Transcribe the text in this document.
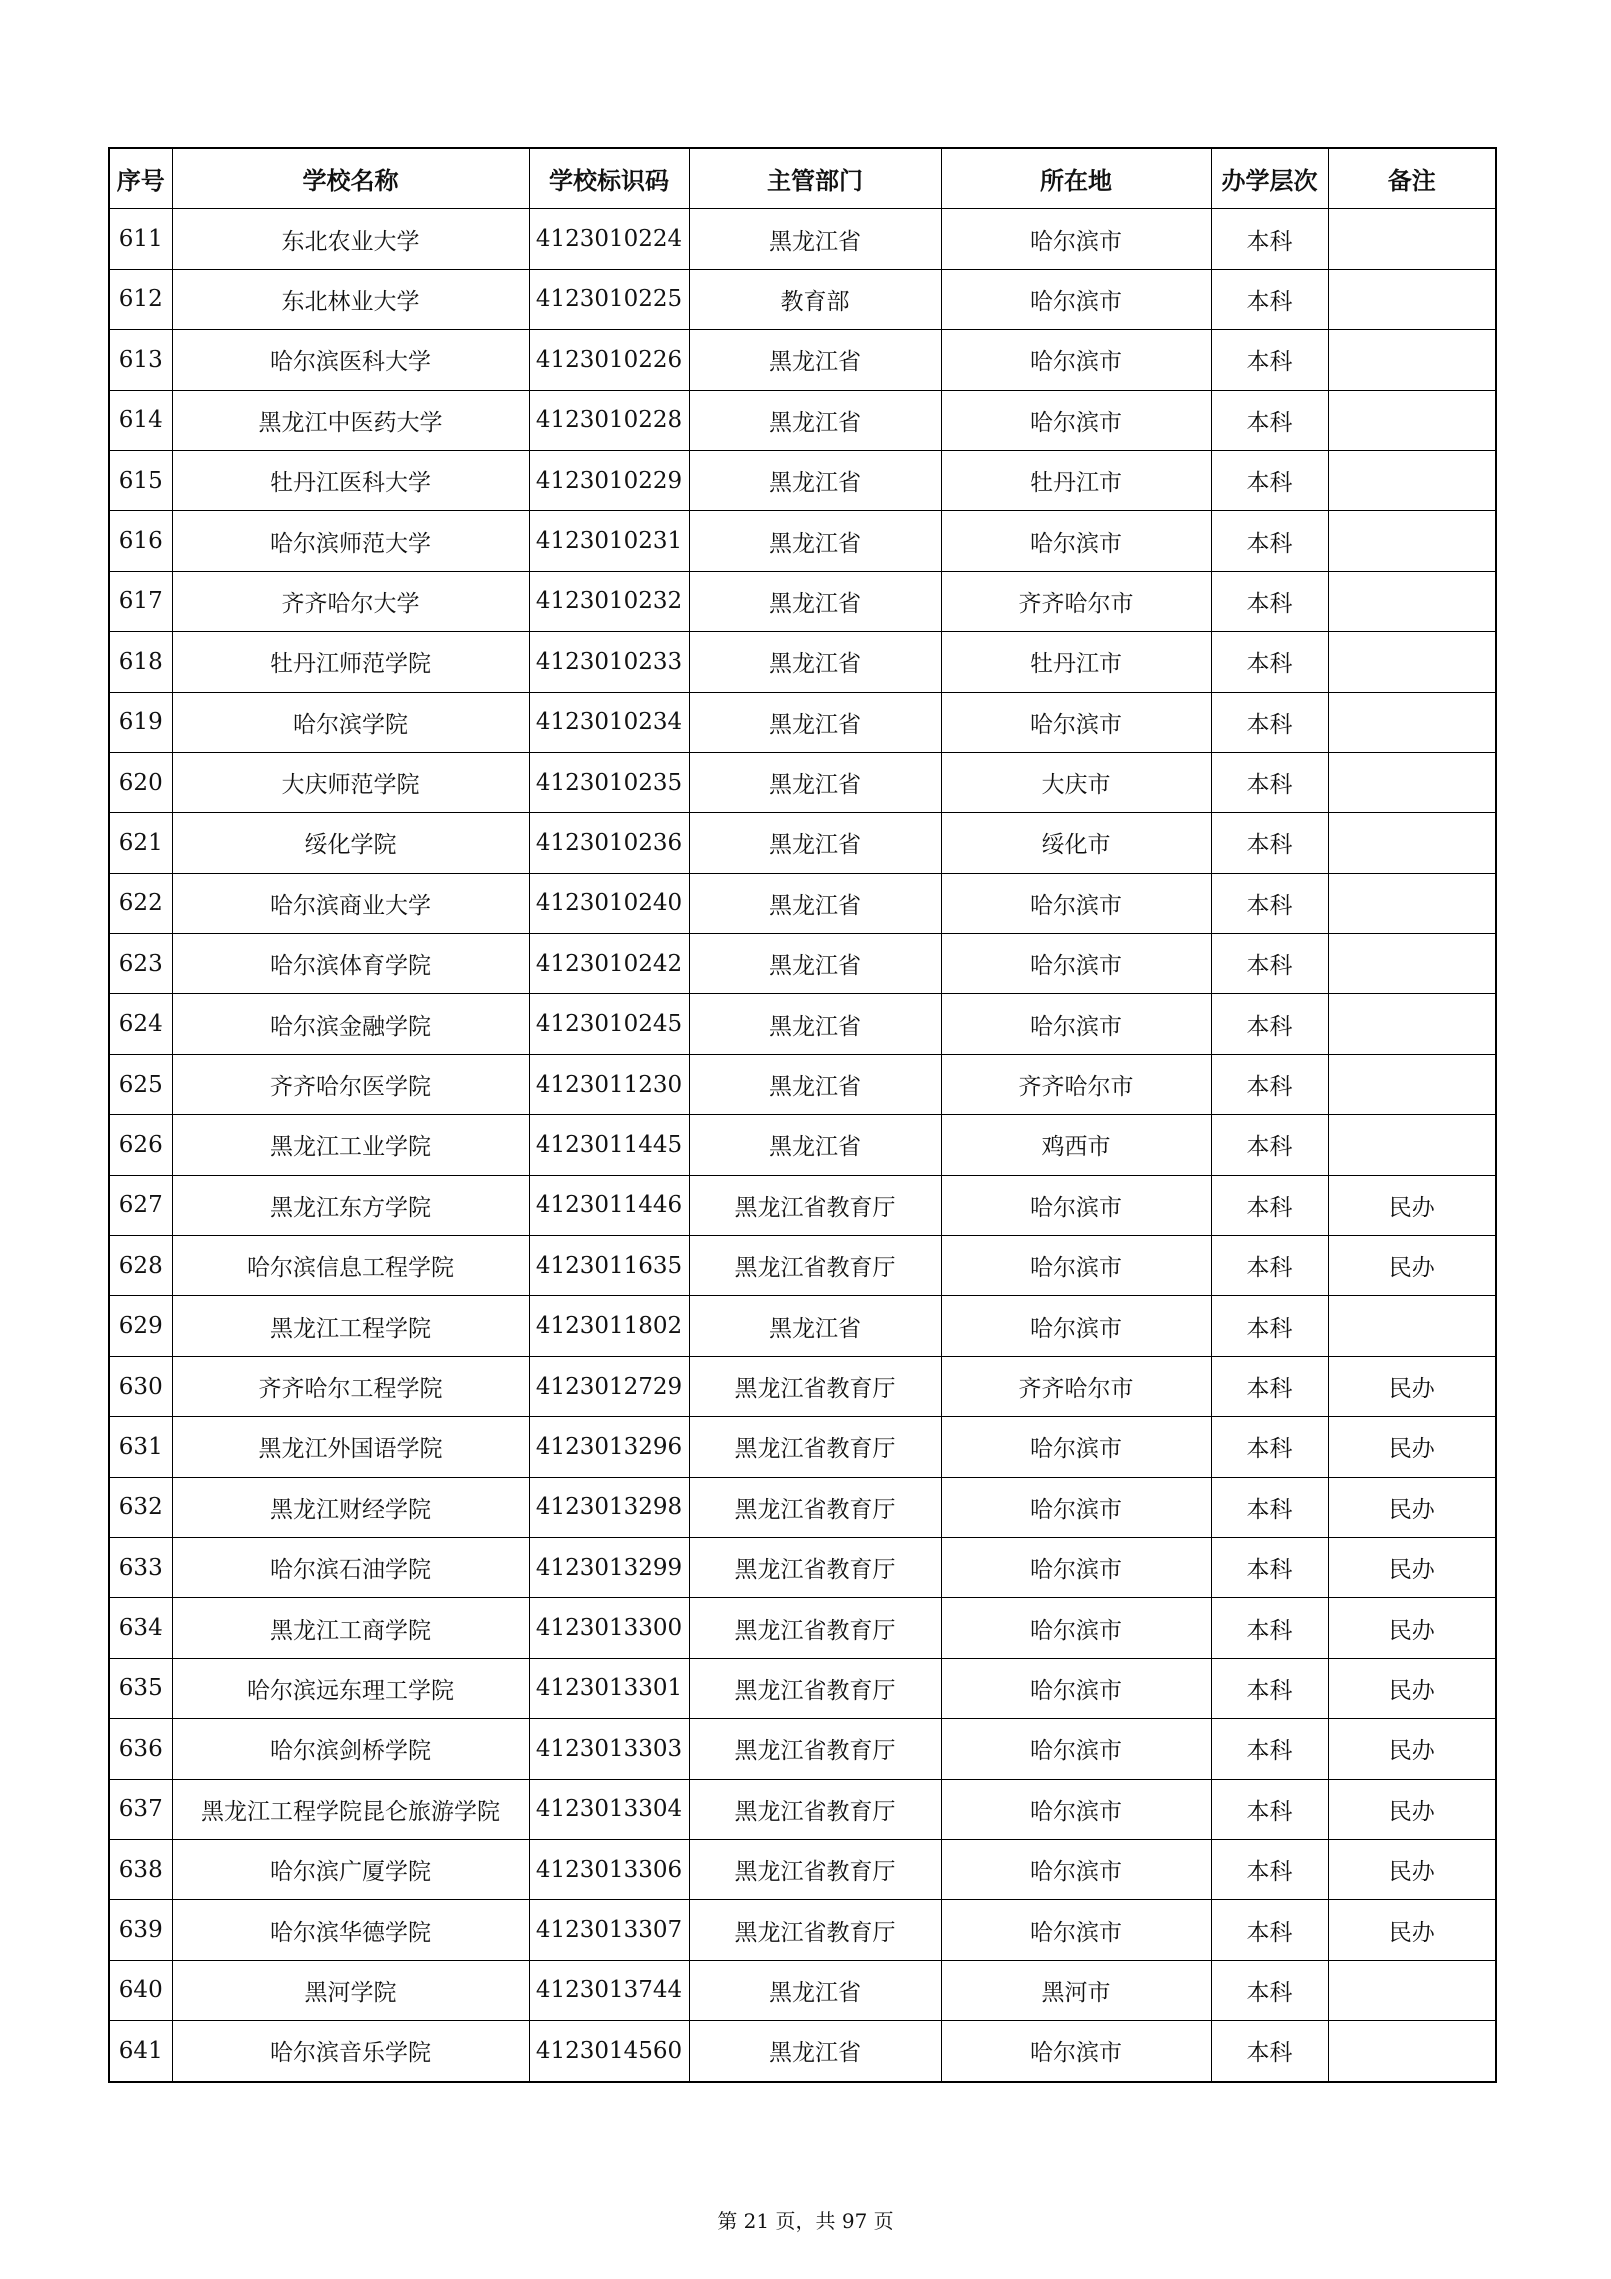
序号	学校名称	学校标识码	主管部门	所在地	办学层次	备注
611	东北农业大学	4123010224	黑龙江省	哈尔滨市	本科	
612	东北林业大学	4123010225	教育部	哈尔滨市	本科	
613	哈尔滨医科大学	4123010226	黑龙江省	哈尔滨市	本科	
614	黑龙江中医药大学	4123010228	黑龙江省	哈尔滨市	本科	
615	牡丹江医科大学	4123010229	黑龙江省	牡丹江市	本科	
616	哈尔滨师范大学	4123010231	黑龙江省	哈尔滨市	本科	
617	齐齐哈尔大学	4123010232	黑龙江省	齐齐哈尔市	本科	
618	牡丹江师范学院	4123010233	黑龙江省	牡丹江市	本科	
619	哈尔滨学院	4123010234	黑龙江省	哈尔滨市	本科	
620	大庆师范学院	4123010235	黑龙江省	大庆市	本科	
621	绥化学院	4123010236	黑龙江省	绥化市	本科	
622	哈尔滨商业大学	4123010240	黑龙江省	哈尔滨市	本科	
623	哈尔滨体育学院	4123010242	黑龙江省	哈尔滨市	本科	
624	哈尔滨金融学院	4123010245	黑龙江省	哈尔滨市	本科	
625	齐齐哈尔医学院	4123011230	黑龙江省	齐齐哈尔市	本科	
626	黑龙江工业学院	4123011445	黑龙江省	鸡西市	本科	
627	黑龙江东方学院	4123011446	黑龙江省教育厅	哈尔滨市	本科	民办
628	哈尔滨信息工程学院	4123011635	黑龙江省教育厅	哈尔滨市	本科	民办
629	黑龙江工程学院	4123011802	黑龙江省	哈尔滨市	本科	
630	齐齐哈尔工程学院	4123012729	黑龙江省教育厅	齐齐哈尔市	本科	民办
631	黑龙江外国语学院	4123013296	黑龙江省教育厅	哈尔滨市	本科	民办
632	黑龙江财经学院	4123013298	黑龙江省教育厅	哈尔滨市	本科	民办
633	哈尔滨石油学院	4123013299	黑龙江省教育厅	哈尔滨市	本科	民办
634	黑龙江工商学院	4123013300	黑龙江省教育厅	哈尔滨市	本科	民办
635	哈尔滨远东理工学院	4123013301	黑龙江省教育厅	哈尔滨市	本科	民办
636	哈尔滨剑桥学院	4123013303	黑龙江省教育厅	哈尔滨市	本科	民办
637	黑龙江工程学院昆仑旅游学院	4123013304	黑龙江省教育厅	哈尔滨市	本科	民办
638	哈尔滨广厦学院	4123013306	黑龙江省教育厅	哈尔滨市	本科	民办
639	哈尔滨华德学院	4123013307	黑龙江省教育厅	哈尔滨市	本科	民办
640	黑河学院	4123013744	黑龙江省	黑河市	本科	
641	哈尔滨音乐学院	4123014560	黑龙江省	哈尔滨市	本科	
第 21 页，共 97 页
